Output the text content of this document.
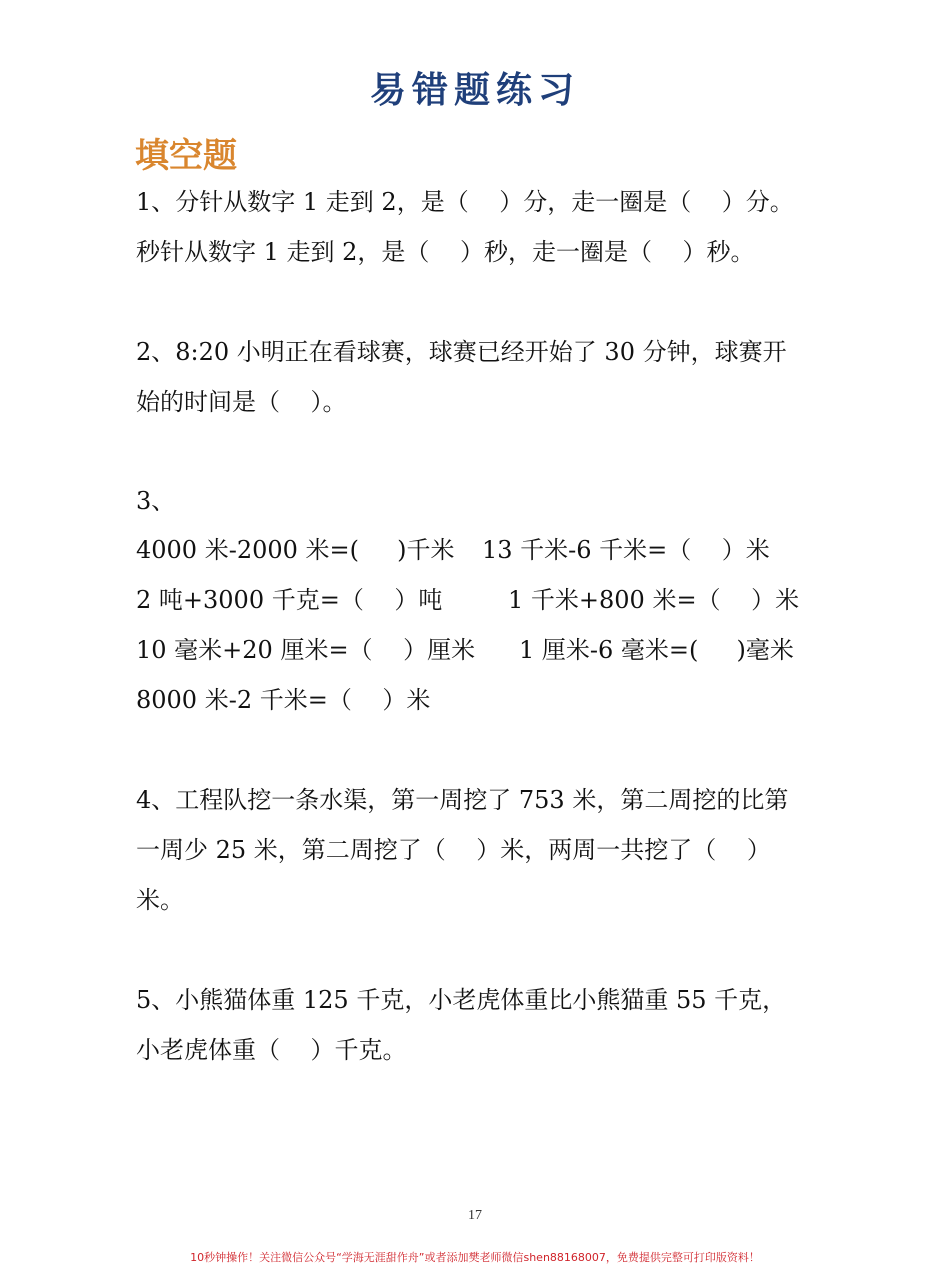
易错题练习
填空题
1、分针从数字 1 走到 2，是（    ）分，走一圈是（    ）分。
秒针从数字 1 走到 2，是（    ）秒，走一圈是（    ）秒。
2、8:20 小明正在看球赛，球赛已经开始了 30 分钟，球赛开
始的时间是（    ）。
3、
4000 米-2000 米=(     )千米 13 千米-6 千米=（    ）米
2 吨+3000 千克=（    ）吨	1 千米+800 米=（    ）米
10 毫米+20 厘米=（    ）厘米 1 厘米-6 毫米=(     )毫米
8000 米-2 千米=（    ）米
4、工程队挖一条水渠，第一周挖了 753 米，第二周挖的比第
一周少 25 米，第二周挖了（    ）米，两周一共挖了（    ）
米。
5、小熊猫体重 125 千克，小老虎体重比小熊猫重 55 千克，
小老虎体重（    ）千克。
17
10秒钟操作！关注微信公众号“学海无涯甜作舟”或者添加樊老师微信shen88168007，免费提供完整可打印版资料！
